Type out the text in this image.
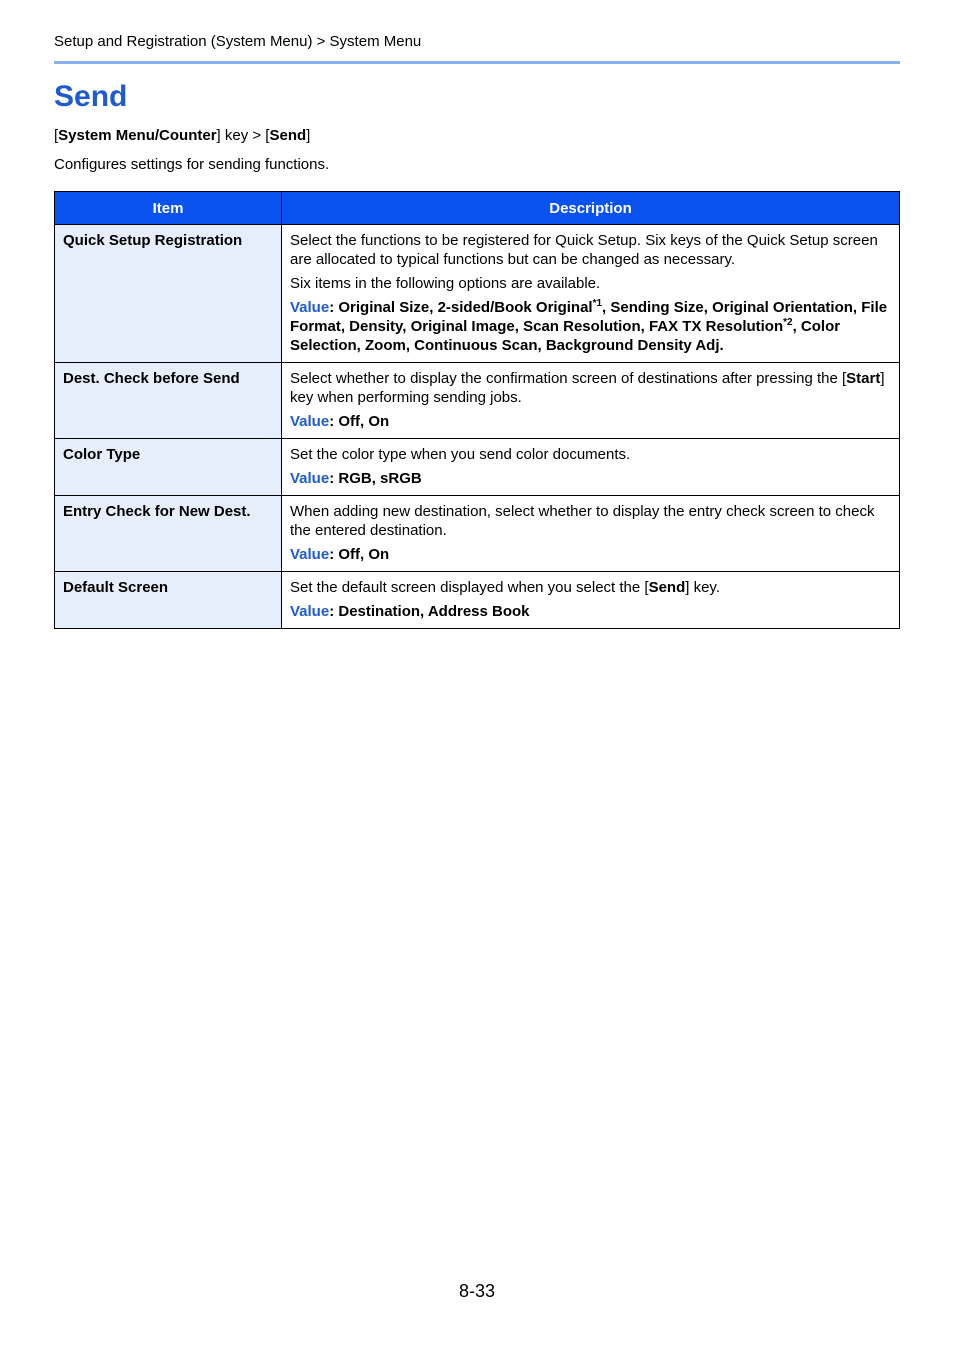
Setup and Registration (System Menu) > System Menu
Send
[System Menu/Counter] key > [Send]
Configures settings for sending functions.
Item	Description
Quick Setup Registration	Select the functions to be registered for Quick Setup. Six keys of the Quick Setup screen are allocated to typical functions but can be changed as necessary.

Six items in the following options are available.

Value: Original Size, 2-sided/Book Original$^{*1}$, Sending Size, Original Orientation, File Format, Density, Original Image, Scan Resolution, FAX TX Resolution$^{*2}$, Color Selection, Zoom, Continuous Scan, Background Density Adj.

Dest. Check before Send	Select whether to display the confirmation screen of destinations after pressing the [Start] key when performing sending jobs.

Value: Off, On

Color Type	Set the color type when you send color documents.

Value: RGB, sRGB

Entry Check for New Dest.	When adding new destination, select whether to display the entry check screen to check the entered destination.

Value: Off, On

Default Screen	Set the default screen displayed when you select the [Send] key.

Value: Destination, Address Book

8-33
